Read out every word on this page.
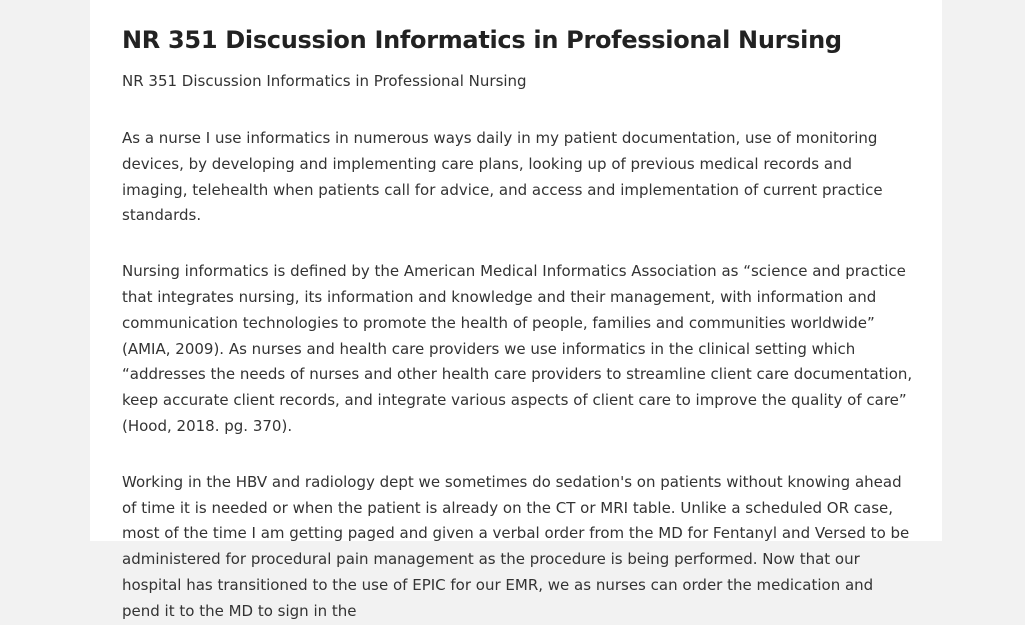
NR 351 Discussion Informatics in Professional Nursing

NR 351 Discussion Informatics in Professional Nursing

As a nurse I use informatics in numerous ways daily in my patient documentation, use of monitoring devices, by developing and implementing care plans, looking up of previous medical records and imaging, telehealth when patients call for advice, and access and implementation of current practice standards.

Nursing informatics is defined by the American Medical Informatics Association as “science and practice that integrates nursing, its information and knowledge and their management, with information and communication technologies to promote the health of people, families and communities worldwide” (AMIA, 2009). As nurses and health care providers we use informatics in the clinical setting which “addresses the needs of nurses and other health care providers to streamline client care documentation, keep accurate client records, and integrate various aspects of client care to improve the quality of care” (Hood, 2018. pg. 370).

Working in the HBV and radiology dept we sometimes do sedation's on patients without knowing ahead of time it is needed or when the patient is already on the CT or MRI table. Unlike a scheduled OR case, most of the time I am getting paged and given a verbal order from the MD for Fentanyl and Versed to be administered for procedural pain management as the procedure is being performed. Now that our hospital has transitioned to the use of EPIC for our EMR, we as nurses can order the medication and pend it to the MD to sign in the
